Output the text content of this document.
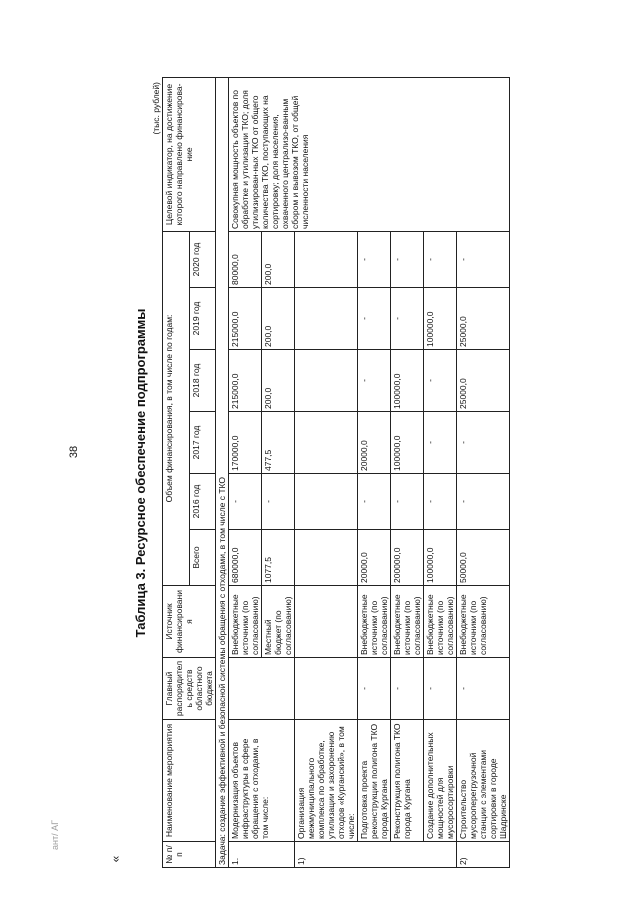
38
ант/ АГ
«
Таблица 3. Ресурсное обеспечение подпрограммы
(тыс. рублей)
№ п/п	Наименование мероприятия	Главный распорядитель средств областного бюджета	Источник финансирования	Объем финансирования, в том числе по годам:						Целевой индикатор, на достижение которого направлено финансирова-ние
				Всего	2016 год	2017 год	2018 год	2019 год	2020 год	
Задача: создание эффективной и безопасной системы обращения с отходами, в том числе с ТКО										
1.	Модернизация объектов инфраструктуры в сфере обращения с отходами, в том числе:		Внебюджетные источники (по согласованию)	680000,0	-	170000,0	215000,0	215000,0	80000,0	Совокупная мощность объектов по обработке и утилизации ТКО; доля утилизирован-ных ТКО от общего количества ТКО, поступающих на сортировку; доля населения, охваченного централизо-ванным сбором и вывозом ТКО, от общей численности населения
			Местный бюджет (по согласованию)	1077,5	-	477,5	200,0	200,0	200,0	
1)	Организация межмуниципального комплекса по обработке, утилизации и захоронению отходов «Курганский», в том числе:									
	Подготовка проекта реконструкции полигона ТКО города Кургана	-	Внебюджетные источники (по согласованию)	20000,0	-	20000,0	-	-	-	
	Реконструкция полигона ТКО города Кургана	-	Внебюджетные источники (по согласованию)	200000,0	-	100000,0	100000,0	-	-	
	Создание дополнительных мощностей для мусоросортировки	-	Внебюджетные источники (по согласованию)	100000,0	-	-	-	100000,0	-	
2)	Строительство мусороперегрузочной станции с элементами сортировки в городе Шадринске	-	Внебюджетные источники (по согласованию)	50000,0	-	-	25000,0	25000,0	-	
